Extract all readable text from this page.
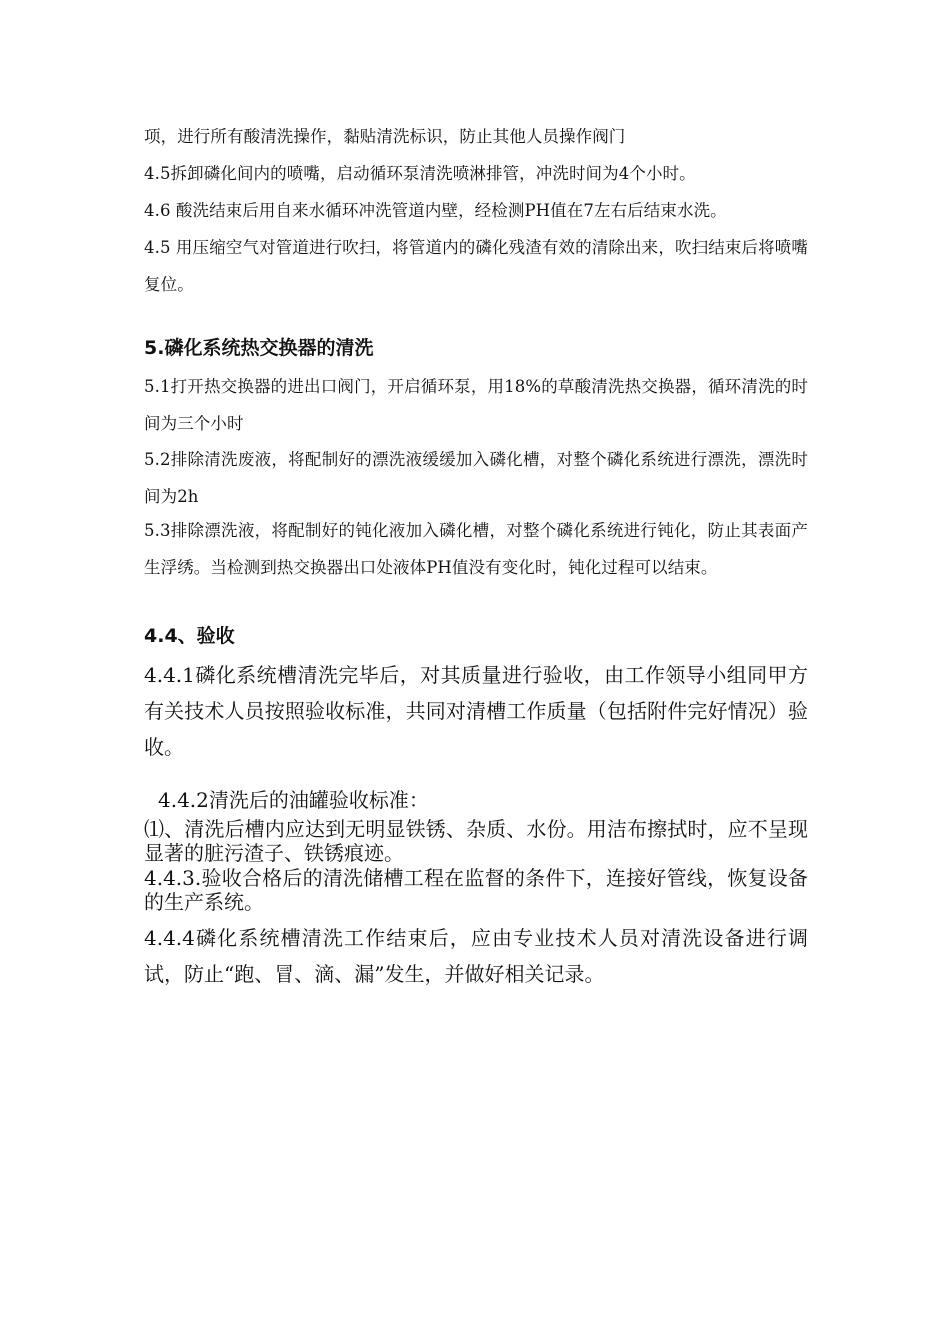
项，进行所有酸清洗操作，黏贴清洗标识，防止其他人员操作阀门

4.5拆卸磷化间内的喷嘴，启动循环泵清洗喷淋排管，冲洗时间为4个小时。

4.6 酸洗结束后用自来水循环冲洗管道内壁，经检测PH值在7左右后结束水洗。

4.5 用压缩空气对管道进行吹扫，将管道内的磷化残渣有效的清除出来，吹扫结束后将喷嘴复位。

5.磷化系统热交换器的清洗

5.1打开热交换器的进出口阀门，开启循环泵，用18%的草酸清洗热交换器，循环清洗的时间为三个小时

5.2排除清洗废液，将配制好的漂洗液缓缓加入磷化槽，对整个磷化系统进行漂洗，漂洗时间为2h

5.3排除漂洗液，将配制好的钝化液加入磷化槽，对整个磷化系统进行钝化，防止其表面产生浮绣。当检测到热交换器出口处液体PH值没有变化时，钝化过程可以结束。

4.4、验收

4.4.1磷化系统槽清洗完毕后，对其质量进行验收，由工作领导小组同甲方有关技术人员按照验收标准，共同对清槽工作质量（包括附件完好情况）验收。

4.4.2清洗后的油罐验收标准：

⑴、清洗后槽内应达到无明显铁锈、杂质、水份。用洁布擦拭时，应不呈现显著的脏污渣子、铁锈痕迹。

4.4.3.验收合格后的清洗储槽工程在监督的条件下，连接好管线，恢复设备的生产系统。

4.4.4磷化系统槽清洗工作结束后，应由专业技术人员对清洗设备进行调试，防止“跑、冒、滴、漏”发生，并做好相关记录。
